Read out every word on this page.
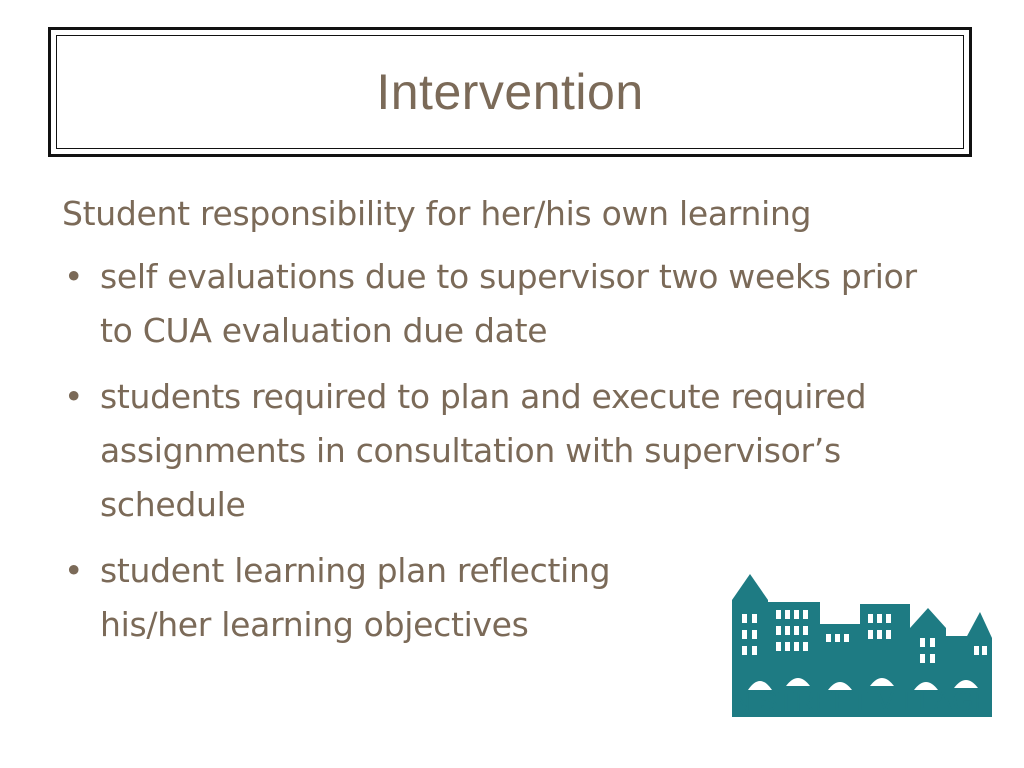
Intervention

Student responsibility for her/his own learning

• self evaluations due to supervisor two weeks prior to CUA evaluation due date
• students required to plan and execute required assignments in consultation with supervisor’s schedule
• student learning plan reflecting his/her learning objectives
N STREET VILLAGE
